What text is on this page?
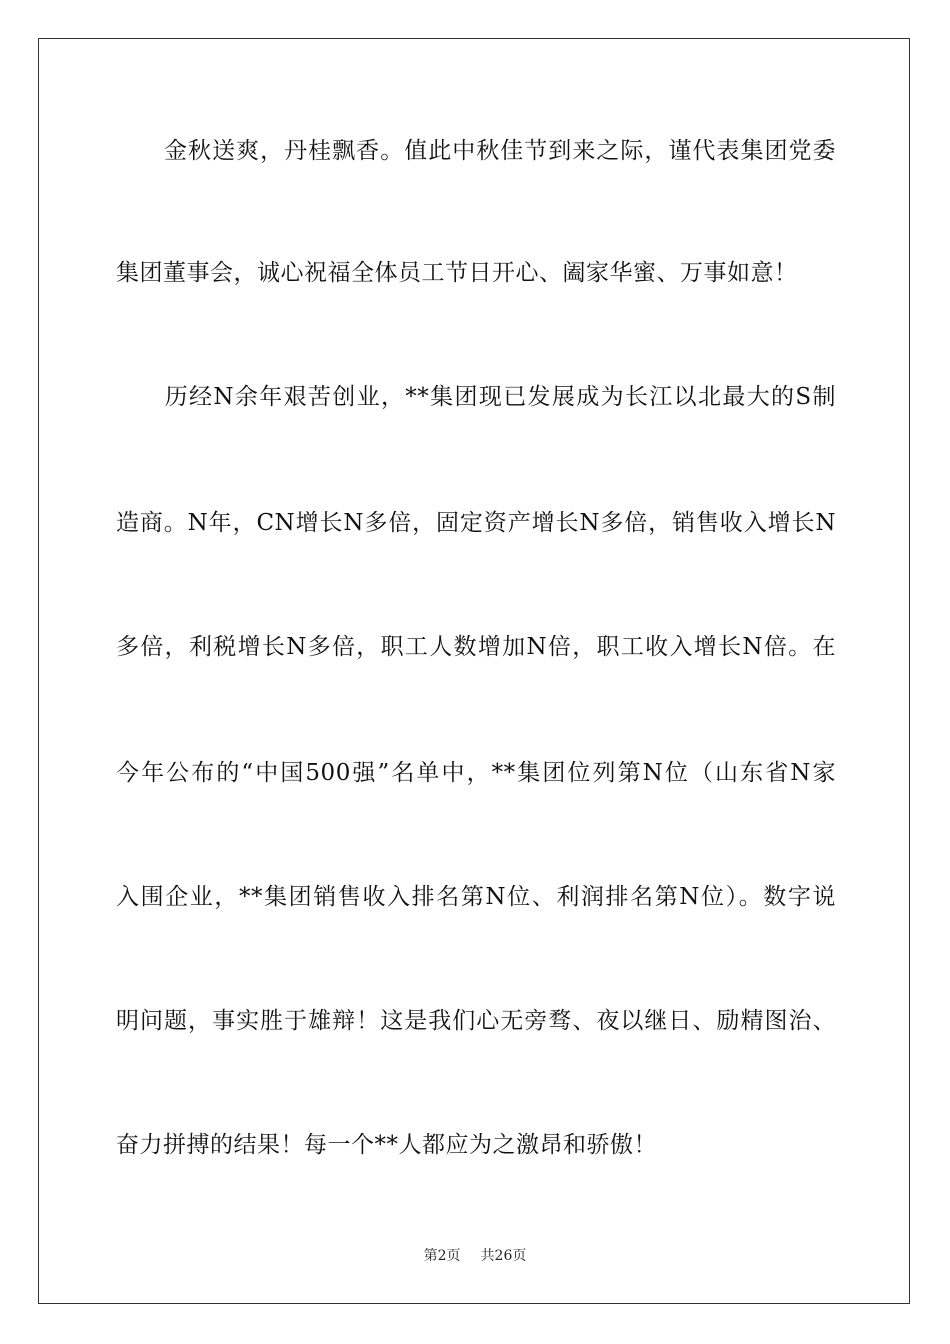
　　金秋送爽，丹桂飘香。值此中秋佳节到来之际，谨代表集团党委
集团董事会，诚心祝福全体员工节日开心、阖家华蜜、万事如意！
　　历经N余年艰苦创业，**集团现已发展成为长江以北最大的S制
造商。N年，CN增长N多倍，固定资产增长N多倍，销售收入增长N
多倍，利税增长N多倍，职工人数增加N倍，职工收入增长N倍。在
今年公布的“中国500强”名单中，**集团位列第N位（山东省N家
入围企业，**集团销售收入排名第N位、利润排名第N位）。数字说
明问题，事实胜于雄辩！这是我们心无旁骛、夜以继日、励精图治、
奋力拼搏的结果！每一个**人都应为之激昂和骄傲！
第2页 共26页
